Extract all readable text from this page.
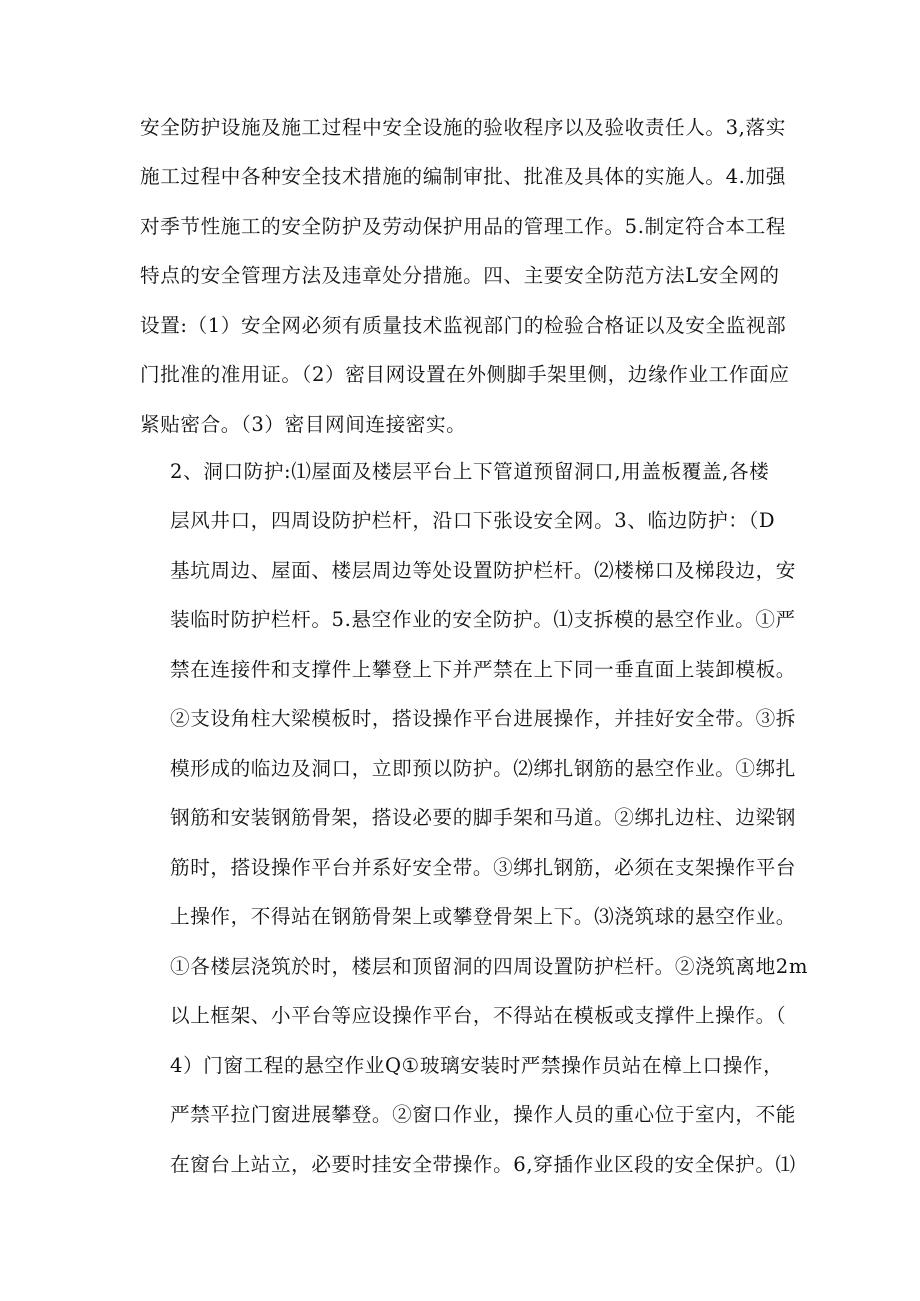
安全防护设施及施工过程中安全设施的验收程序以及验收责任人。3,落实
施工过程中各种安全技术措施的编制审批、批准及具体的实施人。4.加强
对季节性施工的安全防护及劳动保护用品的管理工作。5.制定符合本工程
特点的安全管理方法及违章处分措施。四、主要安全防范方法L安全网的
设置:（1）安全网必须有质量技术监视部门的检验合格证以及安全监视部
门批准的准用证。（2）密目网设置在外侧脚手架里侧，边缘作业工作面应
紧贴密合。（3）密目网间连接密实。
2、洞口防护:⑴屋面及楼层平台上下管道预留洞口,用盖板覆盖,各楼
层风井口，四周设防护栏杆，沿口下张设安全网。3、临边防护：（D
基坑周边、屋面、楼层周边等处设置防护栏杆。⑵楼梯口及梯段边，安
装临时防护栏杆。5.悬空作业的安全防护。⑴支拆模的悬空作业。①严
禁在连接件和支撑件上攀登上下并严禁在上下同一垂直面上装卸模板。
②支设角柱大梁模板时，搭设操作平台进展操作，并挂好安全带。③拆
模形成的临边及洞口，立即预以防护。⑵绑扎钢筋的悬空作业。①绑扎
钢筋和安装钢筋骨架，搭设必要的脚手架和马道。②绑扎边柱、边梁钢
筋时，搭设操作平台并系好安全带。③绑扎钢筋，必须在支架操作平台
上操作，不得站在钢筋骨架上或攀登骨架上下。⑶浇筑球的悬空作业。
①各楼层浇筑於时，楼层和顶留洞的四周设置防护栏杆。②浇筑离地2m
以上框架、小平台等应设操作平台，不得站在模板或支撑件上操作。（
4）门窗工程的悬空作业Q①玻璃安装时严禁操作员站在樟上口操作，
严禁平拉门窗进展攀登。②窗口作业，操作人员的重心位于室内，不能
在窗台上站立，必要时挂安全带操作。6,穿插作业区段的安全保护。⑴
